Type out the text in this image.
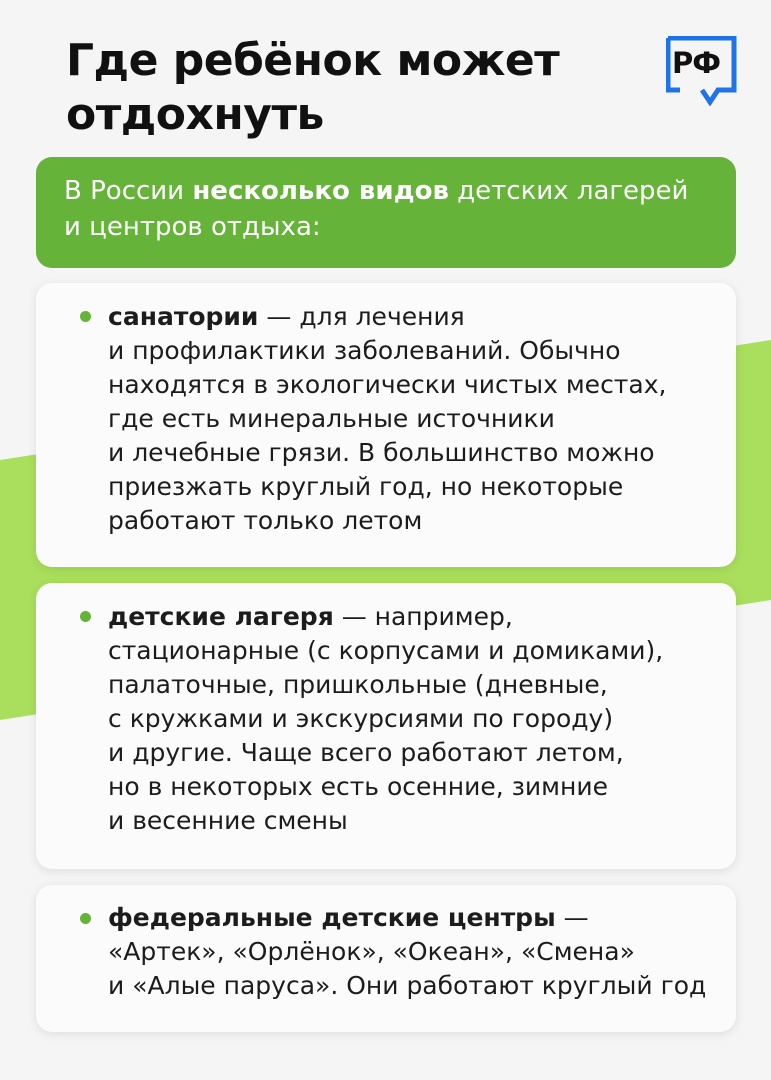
Где ребёнок может
отдохнуть
РФ
В России несколько видов детских лагерей
и центров отдыха:
санатории — для лечения
и профилактики заболеваний. Обычно
находятся в экологически чистых местах,
где есть минеральные источники
и лечебные грязи. В большинство можно
приезжать круглый год, но некоторые
работают только летом
детские лагеря — например,
стационарные (с корпусами и домиками),
палаточные, пришкольные (дневные,
с кружками и экскурсиями по городу)
и другие. Чаще всего работают летом,
но в некоторых есть осенние, зимние
и весенние смены
федеральные детские центры —
«Артек», «Орлёнок», «Океан», «Смена»
и «Алые паруса». Они работают круглый год
